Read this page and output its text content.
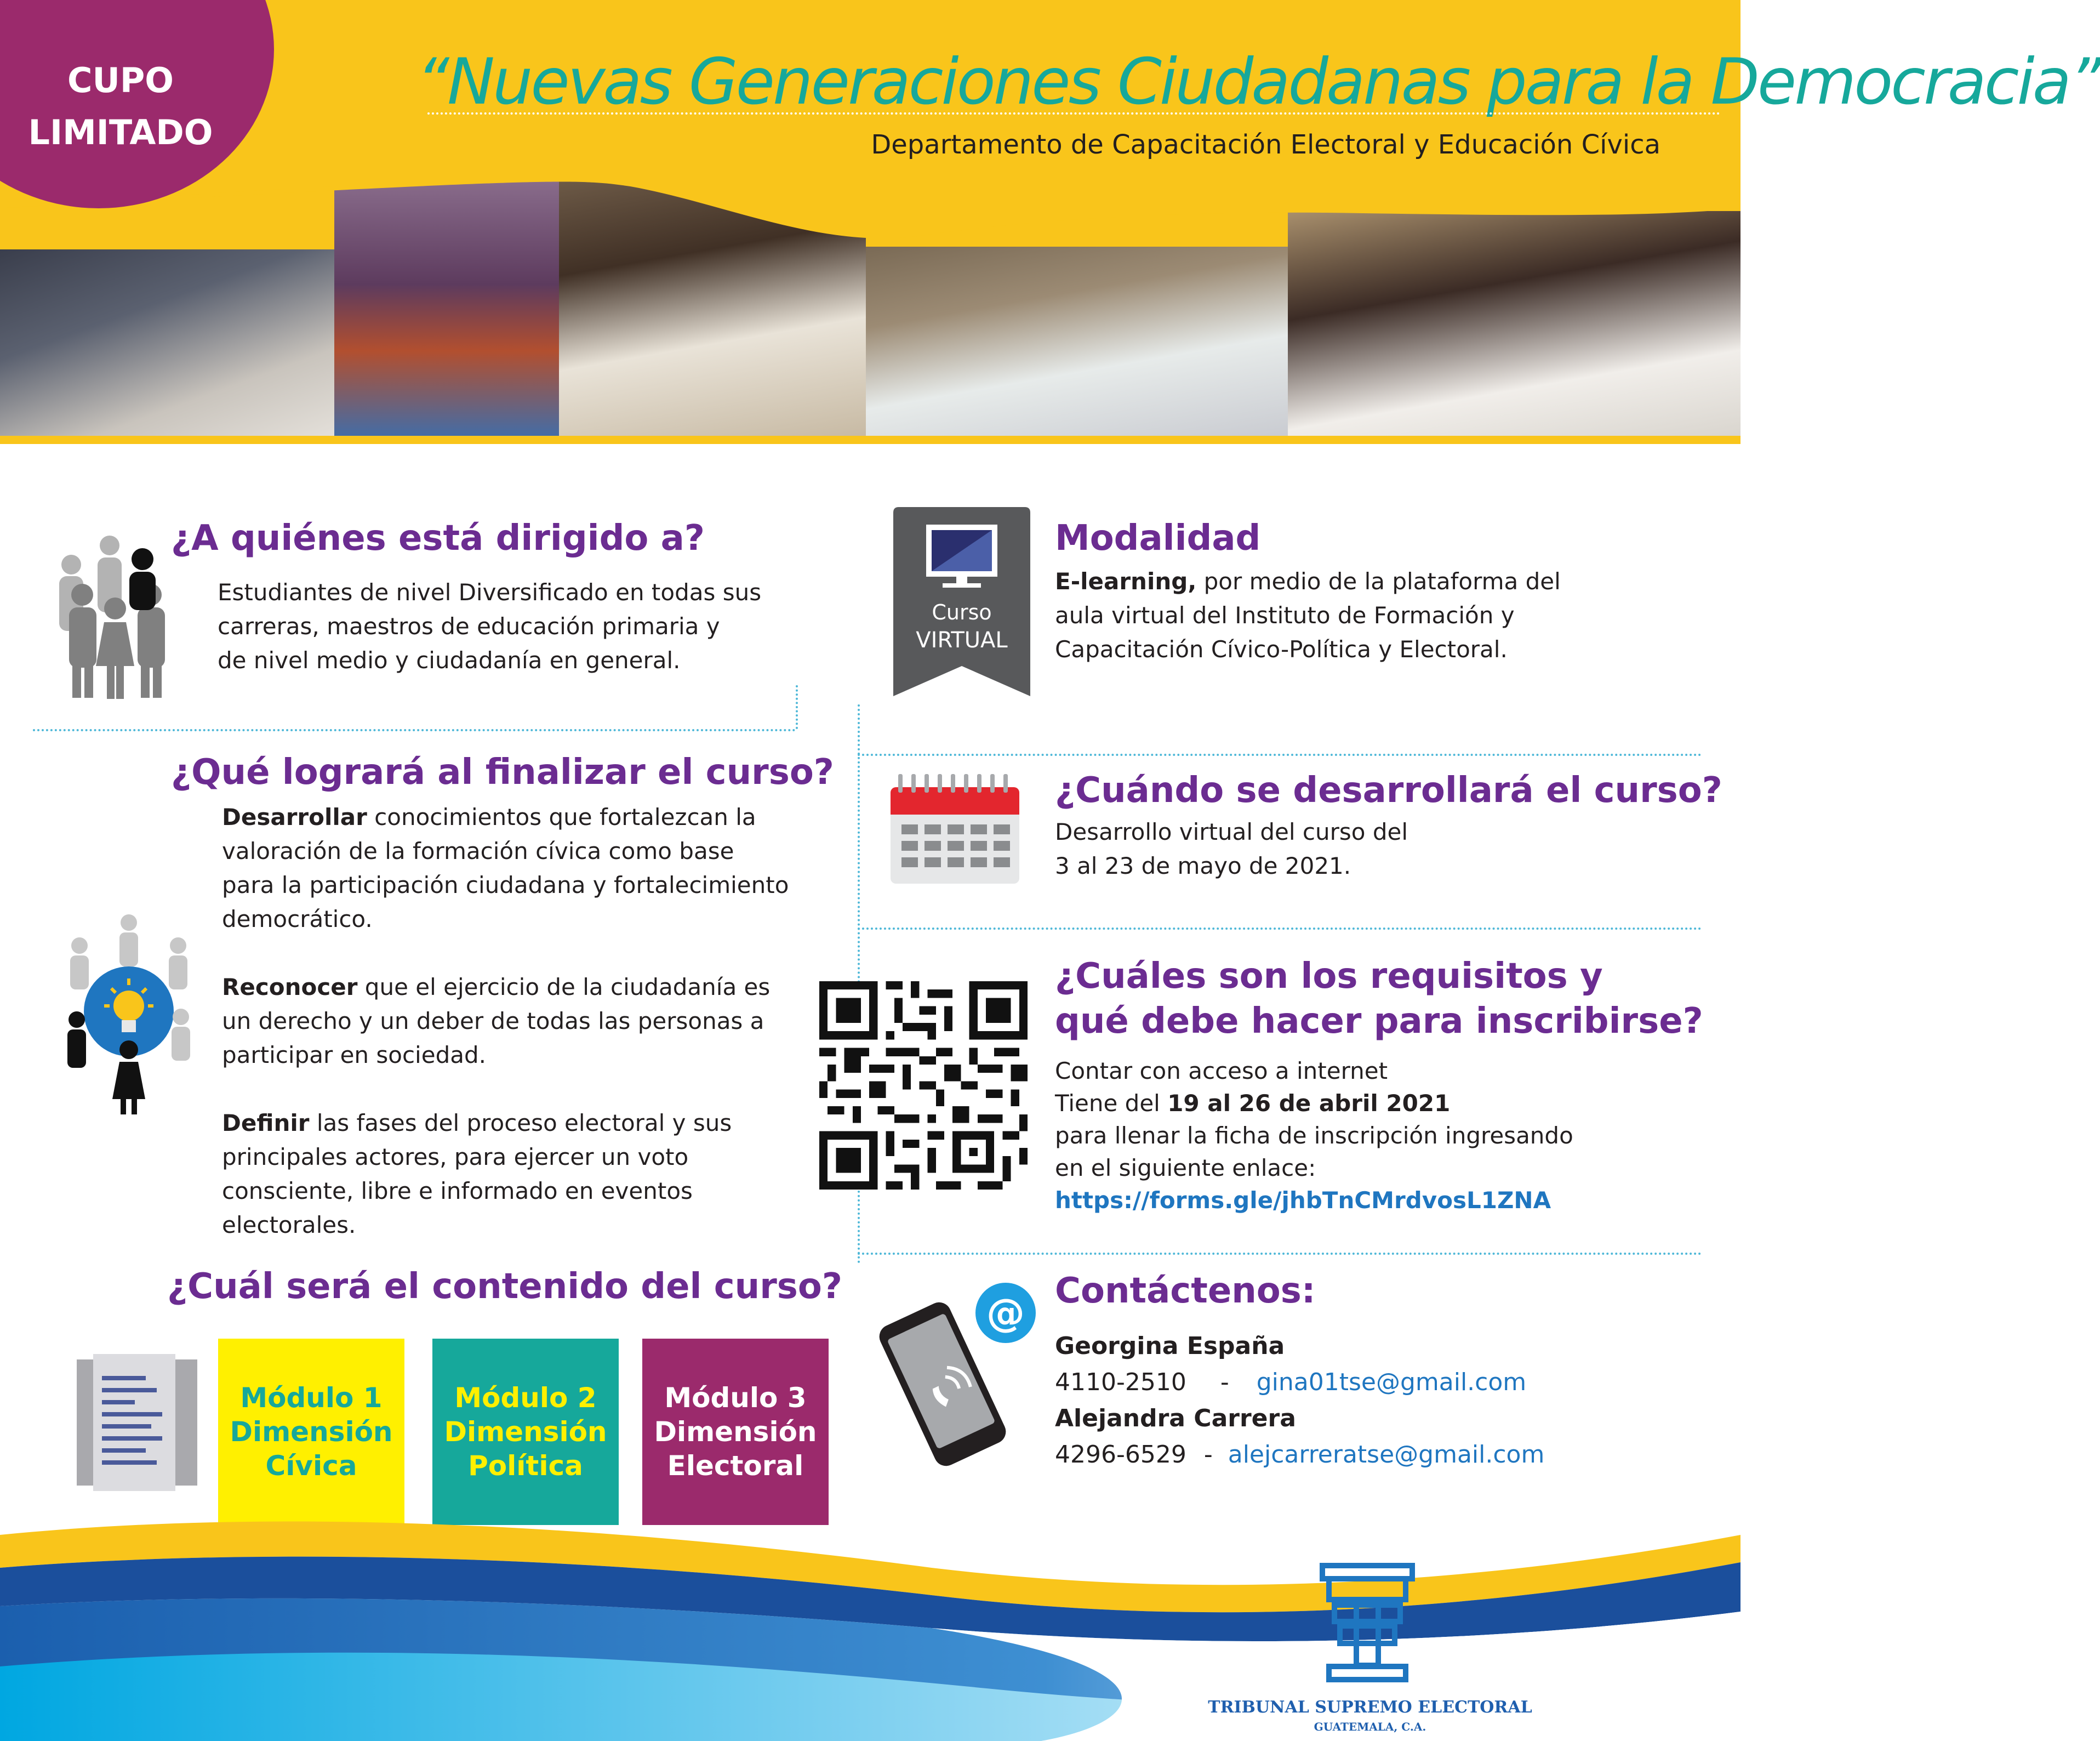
CUPO
LIMITADO
“Nuevas Generaciones Ciudadanas para la Democracia”
Departamento de Capacitación Electoral y Educación Cívica
¿A quiénes está dirigido a?
Estudiantes de nivel Diversificado en todas sus
carreras, maestros de educación primaria y
de nivel medio y ciudadanía en general.
¿Qué logrará al finalizar el curso?
Desarrollar conocimientos que fortalezcan la
valoración de la formación cívica como base
para la participación ciudadana y fortalecimiento
democrático.
Reconocer que el ejercicio de la ciudadanía es
un derecho y un deber de todas las personas a
participar en sociedad.
Definir las fases del proceso electoral y sus
principales actores, para ejercer un voto
consciente, libre e informado en eventos
electorales.
¿Cuál será el contenido del curso?
Módulo 1
Dimensión
Cívica
Módulo 2
Dimensión
Política
Módulo 3
Dimensión
Electoral
Curso
VIRTUAL
Modalidad
E-learning, por medio de la plataforma del
aula virtual del Instituto de Formación y
Capacitación Cívico-Política y Electoral.
¿Cuándo se desarrollará el curso?
Desarrollo virtual del curso del
3 al 23 de mayo de 2021.
¿Cuáles son los requisitos y
qué debe hacer para inscribirse?
Contar con acceso a internet
Tiene del 19 al 26 de abril 2021
para llenar la ficha de inscripción ingresando
en el siguiente enlace:
https://forms.gle/jhbTnCMrdvosL1ZNA
@ Contáctenos:
Georgina España
4110-2510 - gina01tse@gmail.com
Alejandra Carrera
4296-6529 - alejcarreratse@gmail.com
TRIBUNAL SUPREMO ELECTORAL
GUATEMALA, C.A.
